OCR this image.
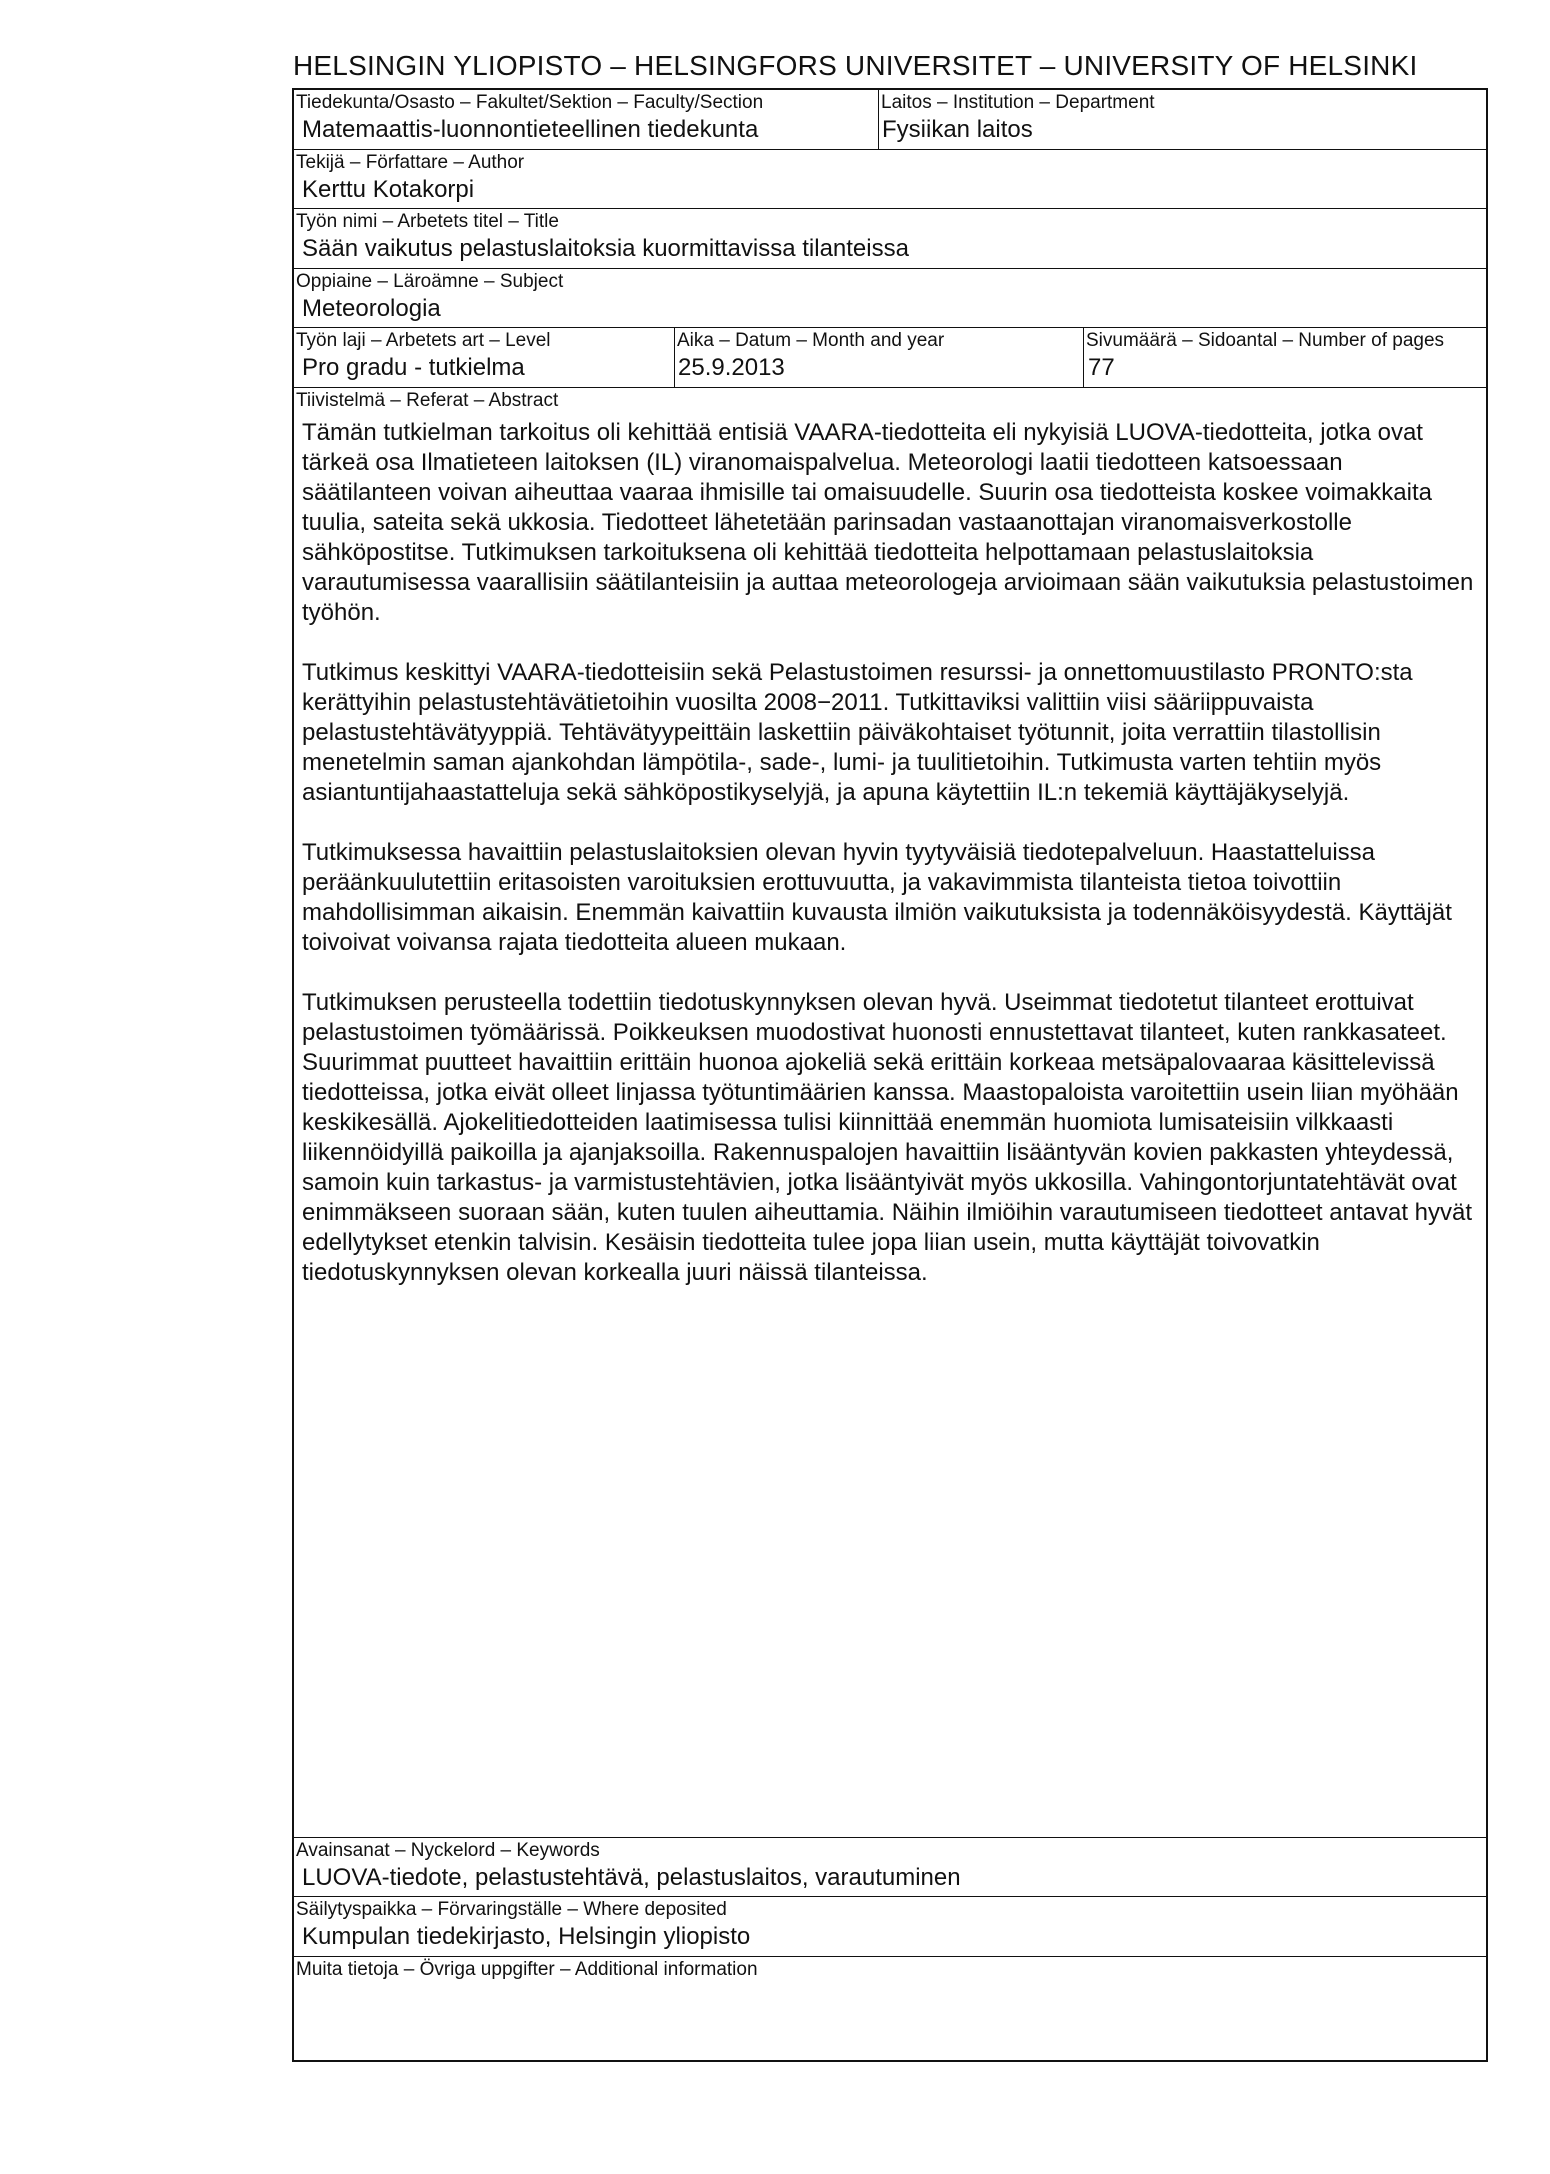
HELSINGIN YLIOPISTO – HELSINGFORS UNIVERSITET – UNIVERSITY OF HELSINKI
Tiedekunta/Osasto – Fakultet/Sektion – Faculty/Section
Matemaattis-luonnontieteellinen tiedekunta
Laitos – Institution – Department
Fysiikan laitos
Tekijä – Författare – Author
Kerttu Kotakorpi
Työn nimi – Arbetets titel – Title
Sään vaikutus pelastuslaitoksia kuormittavissa tilanteissa
Oppiaine – Läroämne – Subject
Meteorologia
Työn laji – Arbetets art – Level
Pro gradu - tutkielma
Aika – Datum – Month and year
25.9.2013
Sivumäärä – Sidoantal – Number of pages
77
Tiivistelmä – Referat – Abstract

Tämän tutkielman tarkoitus oli kehittää entisiä VAARA-tiedotteita eli nykyisiä LUOVA-tiedotteita, jotka ovat tärkeä osa Ilmatieteen laitoksen (IL) viranomaispalvelua. Meteorologi laatii tiedotteen katsoessaan säätilanteen voivan aiheuttaa vaaraa ihmisille tai omaisuudelle. Suurin osa tiedotteista koskee voimakkaita tuulia, sateita sekä ukkosia. Tiedotteet lähetetään parinsadan vastaanottajan viranomaisverkostolle sähköpostitse. Tutkimuksen tarkoituksena oli kehittää tiedotteita helpottamaan pelastuslaitoksia varautumisessa vaarallisiin säätilanteisiin ja auttaa meteorologeja arvioimaan sään vaikutuksia pelastustoimen työhön.

Tutkimus keskittyi VAARA-tiedotteisiin sekä Pelastustoimen resurssi- ja onnettomuustilasto PRONTO:sta kerättyihin pelastustehtävätietoihin vuosilta 2008−2011. Tutkittaviksi valittiin viisi sääriippuvaista pelastustehtävätyyppiä. Tehtävätyypeittäin laskettiin päiväkohtaiset työtunnit, joita verrattiin tilastollisin menetelmin saman ajankohdan lämpötila-, sade-, lumi- ja tuulitietoihin. Tutkimusta varten tehtiin myös asiantuntijahaastatteluja sekä sähköpostikyselyjä, ja apuna käytettiin IL:n tekemiä käyttäjäkyselyjä.

Tutkimuksessa havaittiin pelastuslaitoksien olevan hyvin tyytyväisiä tiedotepalveluun. Haastatteluissa peräänkuulutettiin eritasoisten varoituksien erottuvuutta, ja vakavimmista tilanteista tietoa toivottiin mahdollisimman aikaisin. Enemmän kaivattiin kuvausta ilmiön vaikutuksista ja todennäköisyydestä. Käyttäjät toivoivat voivansa rajata tiedotteita alueen mukaan.

Tutkimuksen perusteella todettiin tiedotuskynnyksen olevan hyvä. Useimmat tiedotetut tilanteet erottuivat pelastustoimen työmäärissä. Poikkeuksen muodostivat huonosti ennustettavat tilanteet, kuten rankkasateet. Suurimmat puutteet havaittiin erittäin huonoa ajokeliä sekä erittäin korkeaa metsäpalovaaraa käsittelevissä tiedotteissa, jotka eivät olleet linjassa työtuntimäärien kanssa. Maastopaloista varoitettiin usein liian myöhään keskikesällä. Ajokelitiedotteiden laatimisessa tulisi kiinnittää enemmän huomiota lumisateisiin vilkkaasti liikennöidyillä paikoilla ja ajanjaksoilla. Rakennuspalojen havaittiin lisääntyvän kovien pakkasten yhteydessä, samoin kuin tarkastus- ja varmistustehtävien, jotka lisääntyivät myös ukkosilla. Vahingontorjuntatehtävät ovat enimmäkseen suoraan sään, kuten tuulen aiheuttamia. Näihin ilmiöihin varautumiseen tiedotteet antavat hyvät edellytykset etenkin talvisin. Kesäisin tiedotteita tulee jopa liian usein, mutta käyttäjät toivovatkin tiedotuskynnyksen olevan korkealla juuri näissä tilanteissa.

Avainsanat – Nyckelord – Keywords
LUOVA-tiedote, pelastustehtävä, pelastuslaitos, varautuminen
Säilytyspaikka – Förvaringställe – Where deposited
Kumpulan tiedekirjasto, Helsingin yliopisto
Muita tietoja – Övriga uppgifter – Additional information
